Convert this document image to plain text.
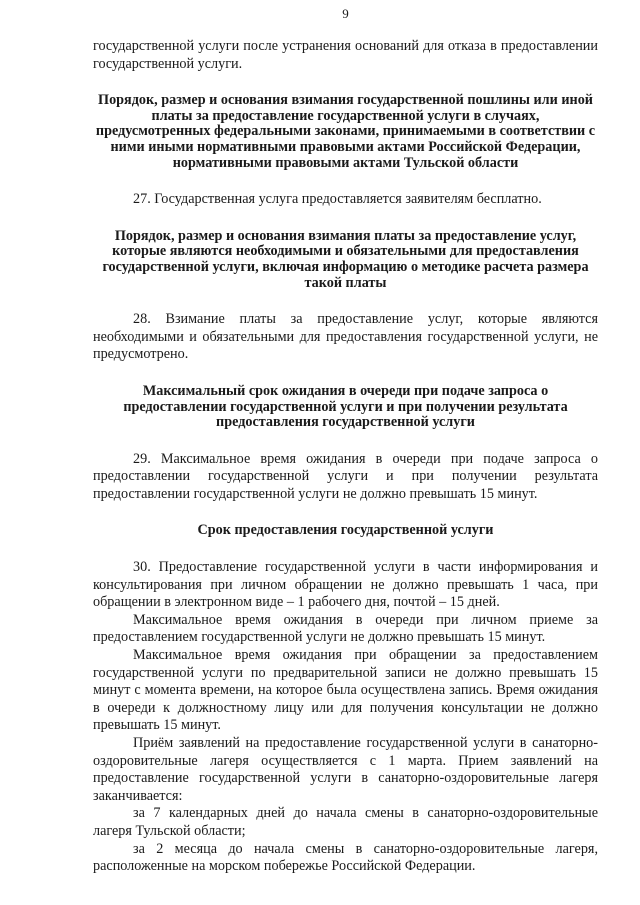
9

государственной услуги после устранения оснований для отказа в предоставлении государственной услуги.

Порядок, размер и основания взимания государственной пошлины или иной платы за предоставление государственной услуги в случаях, предусмотренных федеральными законами, принимаемыми в соответствии с ними иными нормативными правовыми актами Российской Федерации, нормативными правовыми актами Тульской области

27. Государственная услуга предоставляется заявителям бесплатно.

Порядок, размер и основания взимания платы за предоставление услуг, которые являются необходимыми и обязательными для предоставления государственной услуги, включая информацию о методике расчета размера такой платы

28. Взимание платы за предоставление услуг, которые являются необходимыми и обязательными для предоставления государственной услуги, не предусмотрено.

Максимальный срок ожидания в очереди при подаче запроса о предоставлении государственной услуги и при получении результата предоставления государственной услуги

29. Максимальное время ожидания в очереди при подаче запроса о предоставлении государственной услуги и при получении результата предоставлении государственной услуги не должно превышать 15 минут.

Срок предоставления государственной услуги

30. Предоставление государственной услуги в части информирования и консультирования при личном обращении не должно превышать 1 часа, при обращении в электронном виде – 1 рабочего дня, почтой – 15 дней.

Максимальное время ожидания в очереди при личном приеме за предоставлением государственной услуги не должно превышать 15 минут.

Максимальное время ожидания при обращении за предоставлением государственной услуги по предварительной записи не должно превышать 15 минут с момента времени, на которое была осуществлена запись. Время ожидания в очереди к должностному лицу или для получения консультации не должно превышать 15 минут.

Приём заявлений на предоставление государственной услуги в санаторно-оздоровительные лагеря осуществляется с 1 марта. Прием заявлений на предоставление государственной услуги в санаторно-оздоровительные лагеря заканчивается:

за 7 календарных дней до начала смены в санаторно-оздоровительные лагеря Тульской области;

за 2 месяца до начала смены в санаторно-оздоровительные лагеря, расположенные на морском побережье Российской Федерации.
